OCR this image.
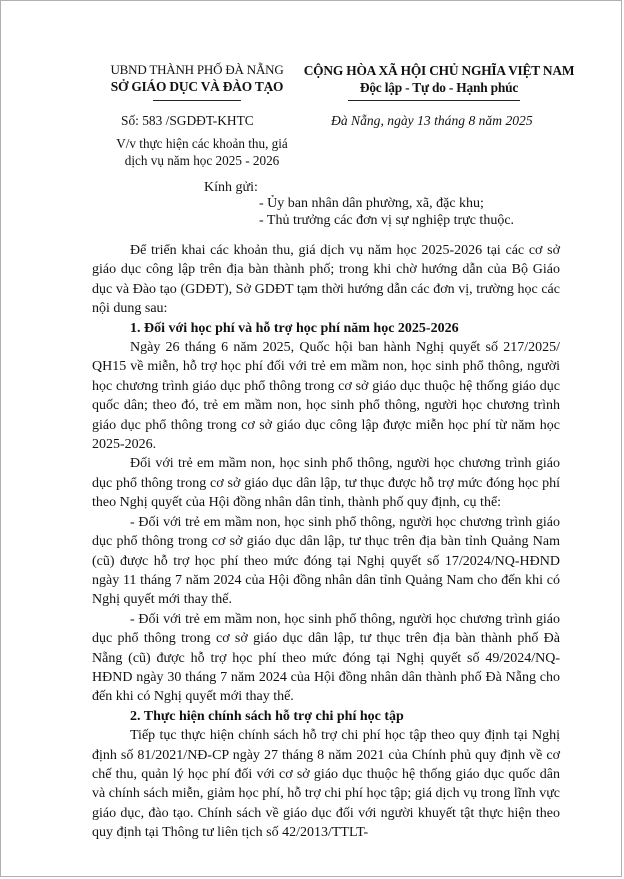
UBND THÀNH PHỐ ĐÀ NẴNG
SỞ GIÁO DỤC VÀ ĐÀO TẠO
CỘNG HÒA XÃ HỘI CHỦ NGHĨA VIỆT NAM
Độc lập - Tự do - Hạnh phúc
Số: 583 /SGDĐT-KHTC	Đà Nẵng, ngày 13 tháng 8 năm 2025
V/v thực hiện các khoản thu, giá dịch vụ năm học 2025 - 2026
Kính gửi:
- Ủy ban nhân dân phường, xã, đặc khu;
- Thủ trưởng các đơn vị sự nghiệp trực thuộc.

Để triển khai các khoản thu, giá dịch vụ năm học 2025-2026 tại các cơ sở giáo dục công lập trên địa bàn thành phố; trong khi chờ hướng dẫn của Bộ Giáo dục và Đào tạo (GDĐT), Sở GDĐT tạm thời hướng dẫn các đơn vị, trường học các nội dung sau:

1. Đối với học phí và hỗ trợ học phí năm học 2025-2026

Ngày 26 tháng 6 năm 2025, Quốc hội ban hành Nghị quyết số 217/2025/ QH15 về miễn, hỗ trợ học phí đối với trẻ em mầm non, học sinh phổ thông, người học chương trình giáo dục phổ thông trong cơ sở giáo dục thuộc hệ thống giáo dục quốc dân; theo đó, trẻ em mầm non, học sinh phổ thông, người học chương trình giáo dục phổ thông trong cơ sở giáo dục công lập được miễn học phí từ năm học 2025-2026.

Đối với trẻ em mầm non, học sinh phổ thông, người học chương trình giáo dục phổ thông trong cơ sở giáo dục dân lập, tư thục được hỗ trợ mức đóng học phí theo Nghị quyết của Hội đồng nhân dân tỉnh, thành phố quy định, cụ thể:

- Đối với trẻ em mầm non, học sinh phổ thông, người học chương trình giáo dục phổ thông trong cơ sở giáo dục dân lập, tư thục trên địa bàn tỉnh Quảng Nam (cũ) được hỗ trợ học phí theo mức đóng tại Nghị quyết số 17/2024/NQ-HĐND ngày 11 tháng 7 năm 2024 của Hội đồng nhân dân tỉnh Quảng Nam cho đến khi có Nghị quyết mới thay thế.

- Đối với trẻ em mầm non, học sinh phổ thông, người học chương trình giáo dục phổ thông trong cơ sở giáo dục dân lập, tư thục trên địa bàn thành phố Đà Nẵng (cũ) được hỗ trợ học phí theo mức đóng tại Nghị quyết số 49/2024/NQ-HĐND ngày 30 tháng 7 năm 2024 của Hội đồng nhân dân thành phố Đà Nẵng cho đến khi có Nghị quyết mới thay thế.

2. Thực hiện chính sách hỗ trợ chi phí học tập

Tiếp tục thực hiện chính sách hỗ trợ chi phí học tập theo quy định tại Nghị định số 81/2021/NĐ-CP ngày 27 tháng 8 năm 2021 của Chính phủ quy định về cơ chế thu, quản lý học phí đối với cơ sở giáo dục thuộc hệ thống giáo dục quốc dân và chính sách miễn, giảm học phí, hỗ trợ chi phí học tập; giá dịch vụ trong lĩnh vực giáo dục, đào tạo. Chính sách về giáo dục đối với người khuyết tật thực hiện theo quy định tại Thông tư liên tịch số 42/2013/TTLT-
